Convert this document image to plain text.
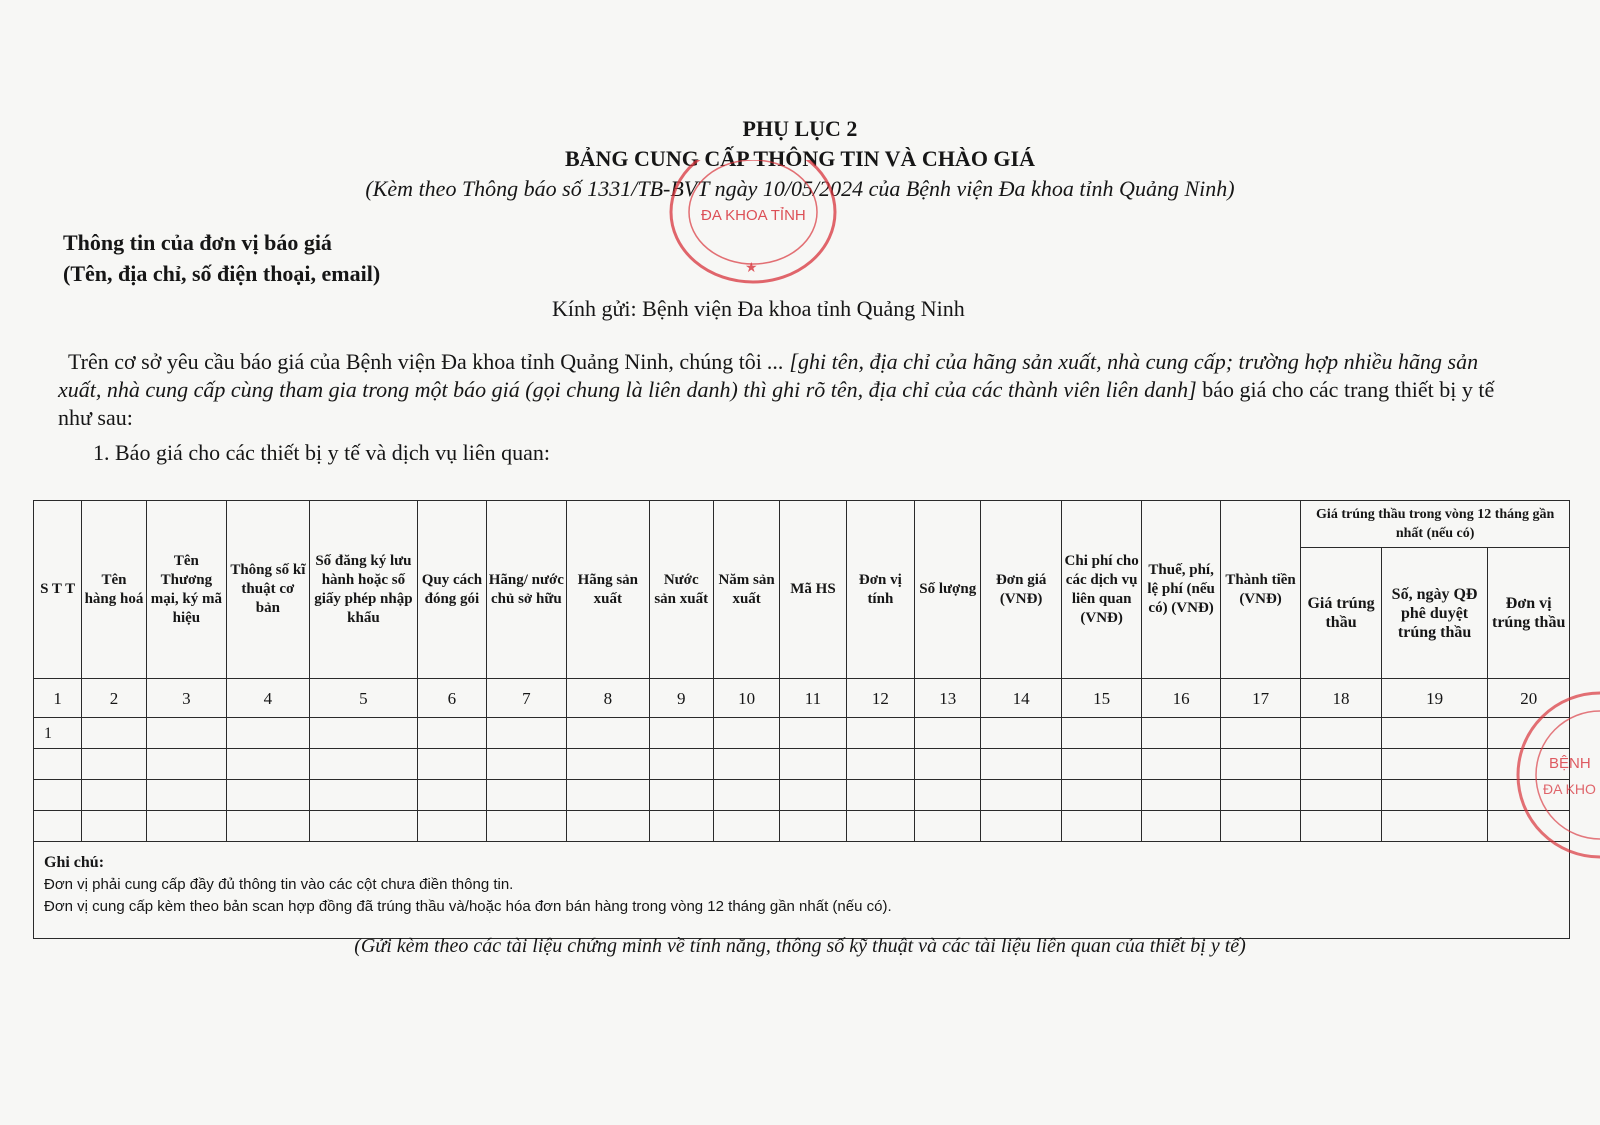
PHỤ LỤC 2
BẢNG CUNG CẤP THÔNG TIN VÀ CHÀO GIÁ
(Kèm theo Thông báo số 1331/TB-BVT ngày 10/05/2024 của Bệnh viện Đa khoa tỉnh Quảng Ninh)
ĐA KHOA TỈNH
★
Thông tin của đơn vị báo giá
(Tên, địa chỉ, số điện thoại, email)
Kính gửi: Bệnh viện Đa khoa tỉnh Quảng Ninh
Trên cơ sở yêu cầu báo giá của Bệnh viện Đa khoa tỉnh Quảng Ninh, chúng tôi ... [ghi tên, địa chỉ của hãng sản xuất, nhà cung cấp; trường hợp nhiều hãng sản xuất, nhà cung cấp cùng tham gia trong một báo giá (gọi chung là liên danh) thì ghi rõ tên, địa chỉ của các thành viên liên danh] báo giá cho các trang thiết bị y tế như sau:
1. Báo giá cho các thiết bị y tế và dịch vụ liên quan:
S T T	Tên hàng hoá	Tên Thương mại, ký mã hiệu	Thông số kĩ thuật cơ bản	Số đăng ký lưu hành hoặc số giấy phép nhập khẩu	Quy cách đóng gói	Hãng/ nước chủ sở hữu	Hãng sản xuất	Nước sản xuất	Năm sản xuất	Mã HS	Đơn vị tính	Số lượng	Đơn giá (VNĐ)	Chi phí cho các dịch vụ liên quan (VNĐ)	Thuế, phí, lệ phí (nếu có) (VNĐ)	Thành tiền (VNĐ)	Giá trúng thầu trong vòng 12 tháng gần nhất (nếu có)		
																	Giá trúng thầu	Số, ngày QĐ phê duyệt trúng thầu	Đơn vị trúng thầu
1	2	3	4	5	6	7	8	9	10	11	12	13	14	15	16	17	18	19	20
1																			

Ghi chú:
Đơn vị phải cung cấp đầy đủ thông tin vào các cột chưa điền thông tin.
Đơn vị cung cấp kèm theo bản scan hợp đồng đã trúng thầu và/hoặc hóa đơn bán hàng trong vòng 12 tháng gần nhất (nếu có).																			
BỆNH
ĐA KHO
(Gửi kèm theo các tài liệu chứng minh về tính năng, thông số kỹ thuật và các tài liệu liên quan của thiết bị y tế)
